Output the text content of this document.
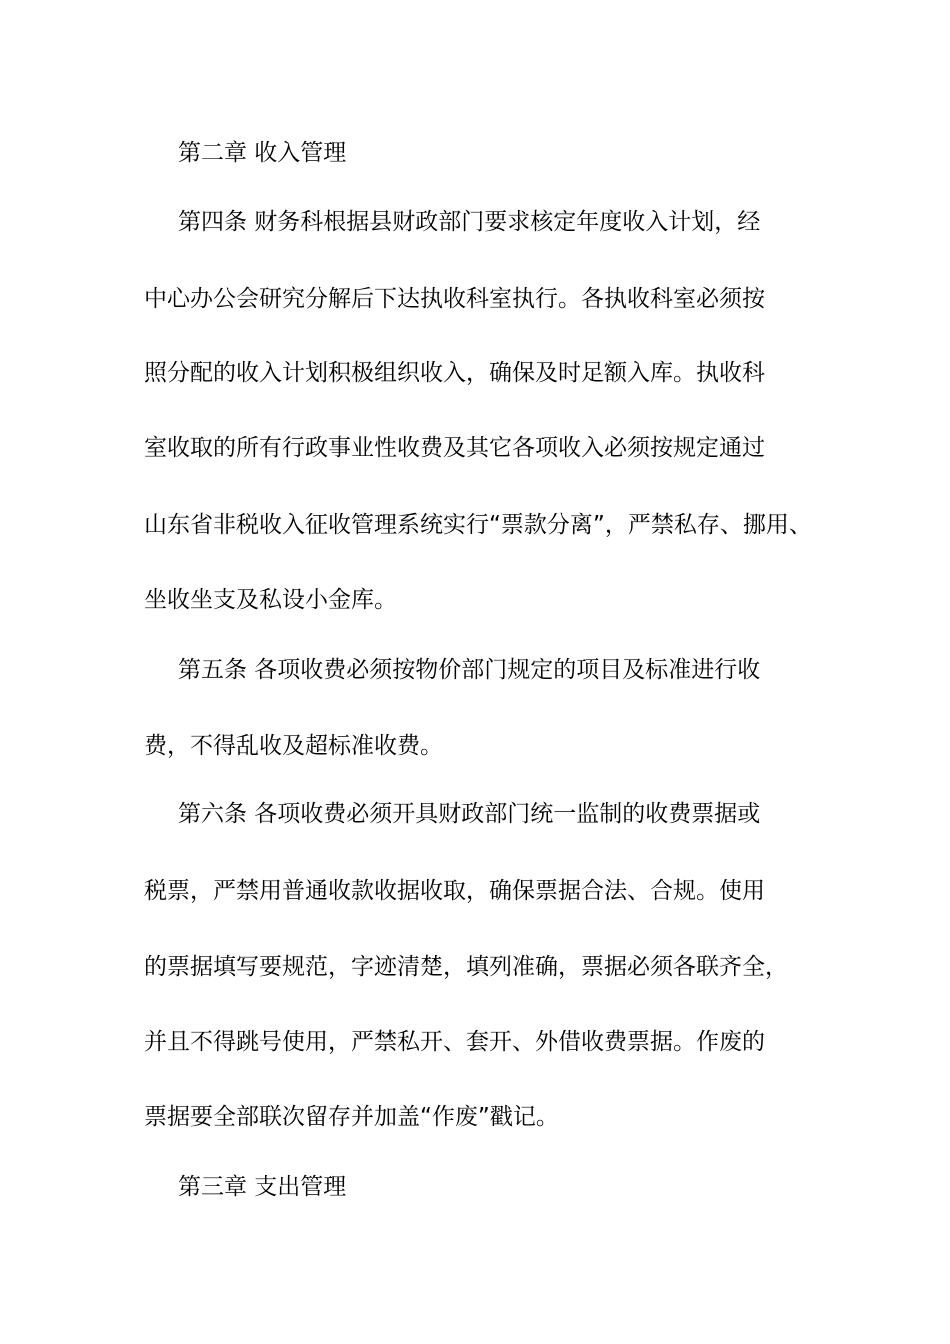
第二章 收入管理
第四条 财务科根据县财政部门要求核定年度收入计划，经
中心办公会研究分解后下达执收科室执行。各执收科室必须按
照分配的收入计划积极组织收入，确保及时足额入库。执收科
室收取的所有行政事业性收费及其它各项收入必须按规定通过
山东省非税收入征收管理系统实行“票款分离”，严禁私存、挪用、
坐收坐支及私设小金库。
第五条 各项收费必须按物价部门规定的项目及标准进行收
费，不得乱收及超标准收费。
第六条 各项收费必须开具财政部门统一监制的收费票据或
税票，严禁用普通收款收据收取，确保票据合法、合规。使用
的票据填写要规范，字迹清楚，填列准确，票据必须各联齐全，
并且不得跳号使用，严禁私开、套开、外借收费票据。作废的
票据要全部联次留存并加盖“作废”戳记。
第三章 支出管理
